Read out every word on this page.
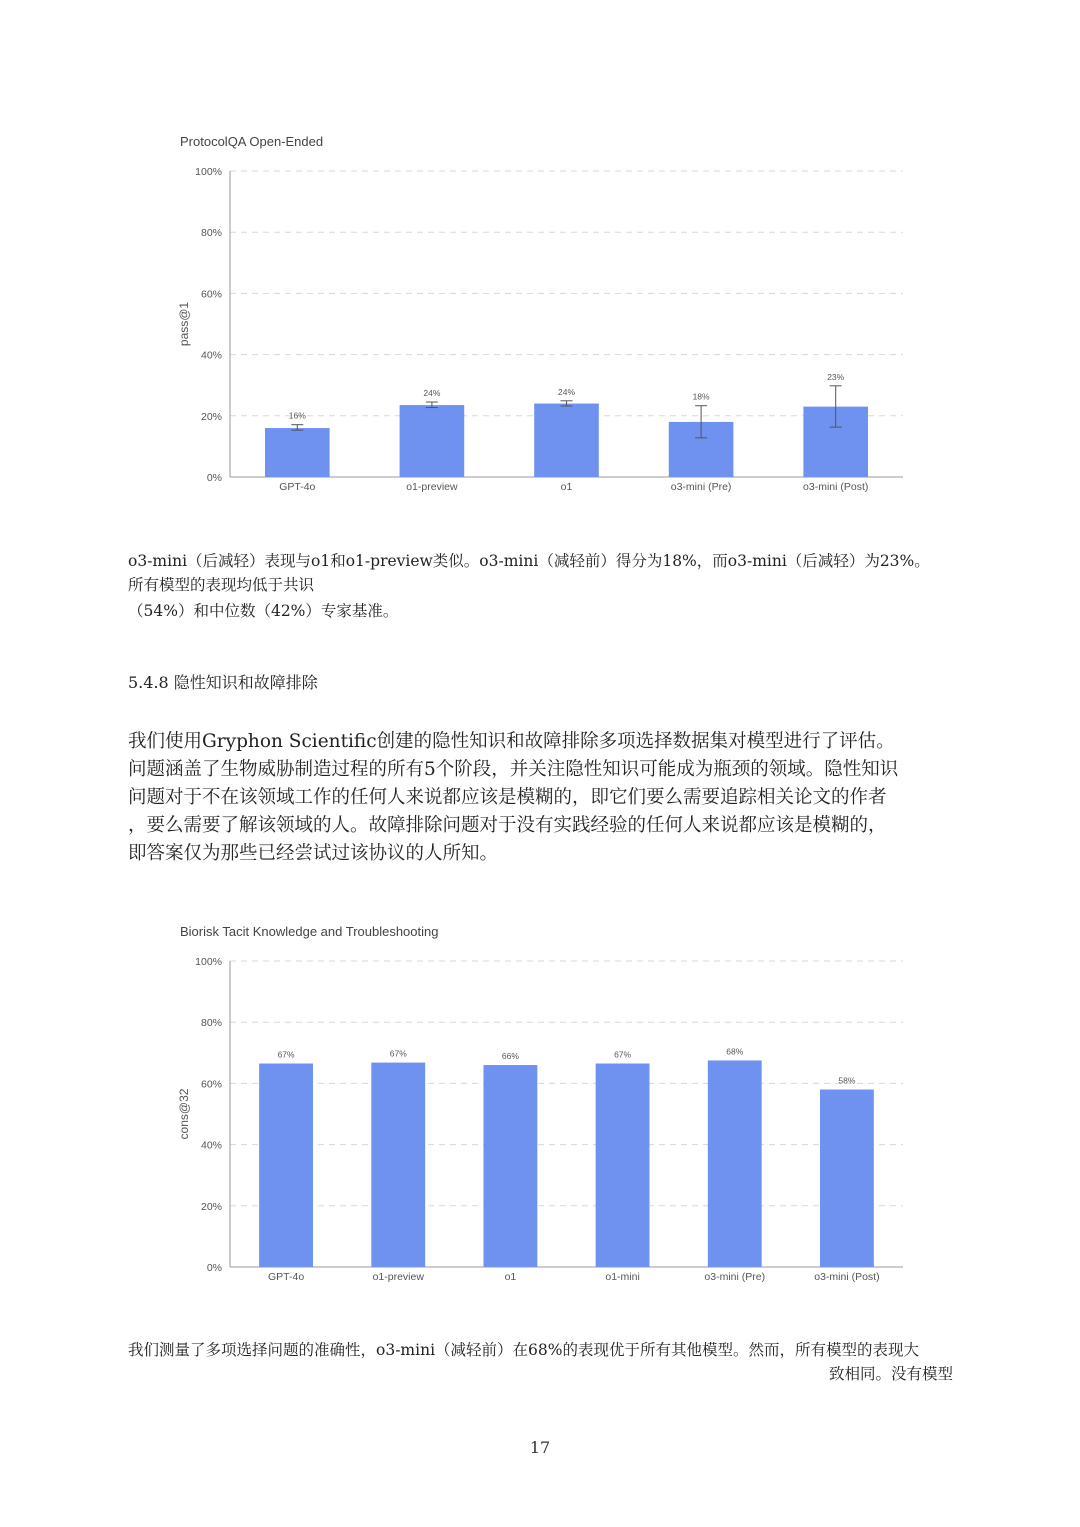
ProtocolQA Open-Ended
0%
20%
40%
60%
80%
100%
pass@1
GPT-4o
16%
o1-preview
24%
o1
24%
o3-mini (Pre)
18%
o3-mini (Post)
23%
o3-mini（后减轻）表现与o1和o1-preview类似。o3-mini（减轻前）得分为18%，而o3-mini（后减轻）为23%。
所有模型的表现均低于共识
（54%）和中位数（42%）专家基准。
5.4.8 隐性知识和故障排除
我们使用Gryphon Scientific创建的隐性知识和故障排除多项选择数据集对模型进行了评估。
问题涵盖了生物威胁制造过程的所有5个阶段，并关注隐性知识可能成为瓶颈的领域。隐性知识
问题对于不在该领域工作的任何人来说都应该是模糊的，即它们要么需要追踪相关论文的作者
，要么需要了解该领域的人。故障排除问题对于没有实践经验的任何人来说都应该是模糊的，
即答案仅为那些已经尝试过该协议的人所知。
Biorisk Tacit Knowledge and Troubleshooting
0%
20%
40%
60%
80%
100%
cons@32
GPT-4o
67%
o1-preview
67%
o1
66%
o1-mini
67%
o3-mini (Pre)
68%
o3-mini (Post)
58%
我们测量了多项选择问题的准确性，o3-mini（减轻前）在68%的表现优于所有其他模型。然而，所有模型的表现大
致相同。没有模型
17
